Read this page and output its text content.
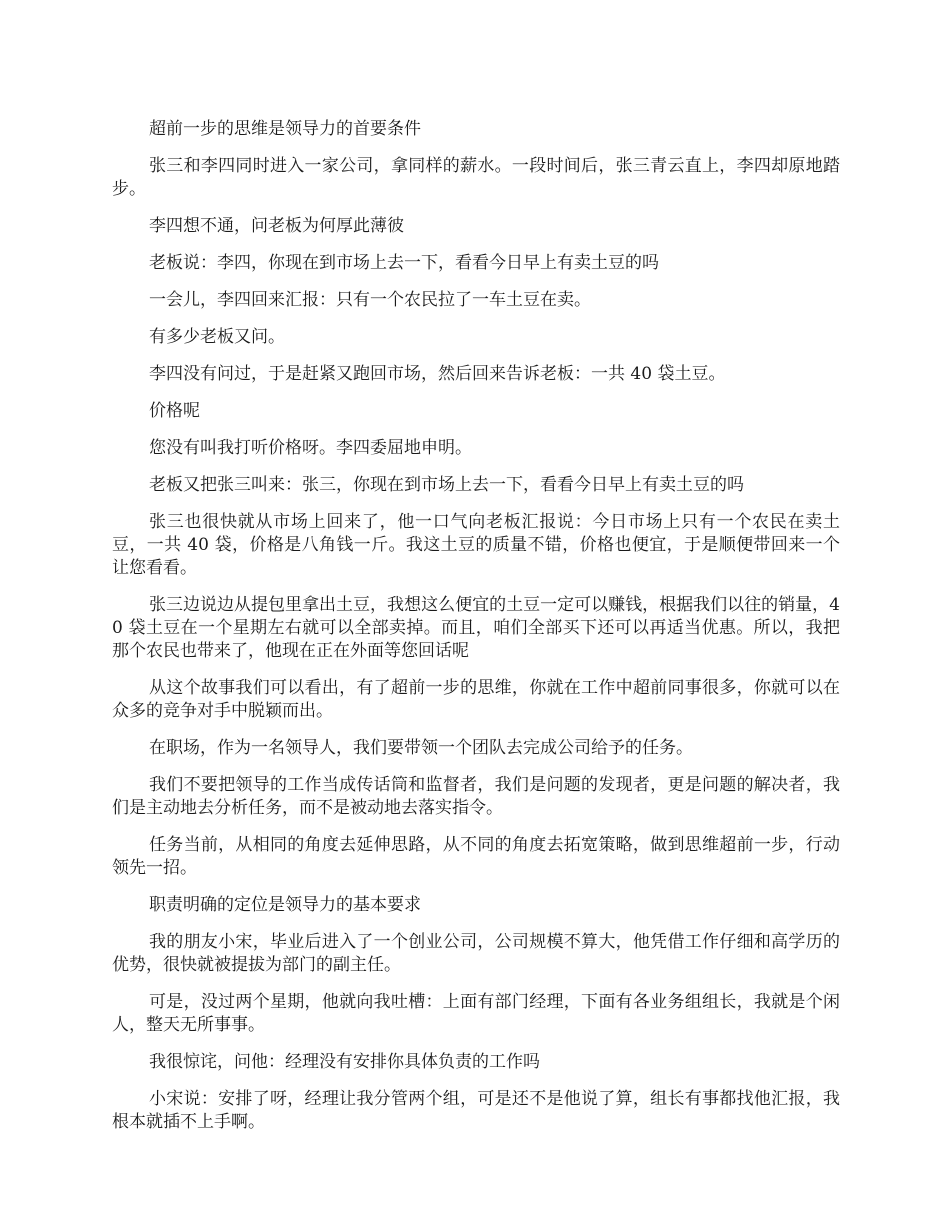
超前一步的思维是领导力的首要条件

张三和李四同时进入一家公司，拿同样的薪水。一段时间后，张三青云直上，李四却原地踏步。

李四想不通，问老板为何厚此薄彼

老板说：李四，你现在到市场上去一下，看看今日早上有卖土豆的吗

一会儿，李四回来汇报：只有一个农民拉了一车土豆在卖。

有多少老板又问。

李四没有问过，于是赶紧又跑回市场，然后回来告诉老板：一共 40 袋土豆。

价格呢

您没有叫我打听价格呀。李四委屈地申明。

老板又把张三叫来：张三，你现在到市场上去一下，看看今日早上有卖土豆的吗

张三也很快就从市场上回来了，他一口气向老板汇报说：今日市场上只有一个农民在卖土豆，一共 40 袋，价格是八角钱一斤。我这土豆的质量不错，价格也便宜，于是顺便带回来一个让您看看。

张三边说边从提包里拿出土豆，我想这么便宜的土豆一定可以赚钱，根据我们以往的销量，40 袋土豆在一个星期左右就可以全部卖掉。而且，咱们全部买下还可以再适当优惠。所以，我把那个农民也带来了，他现在正在外面等您回话呢

从这个故事我们可以看出，有了超前一步的思维，你就在工作中超前同事很多，你就可以在众多的竞争对手中脱颖而出。

在职场，作为一名领导人，我们要带领一个团队去完成公司给予的任务。

我们不要把领导的工作当成传话筒和监督者，我们是问题的发现者，更是问题的解决者，我们是主动地去分析任务，而不是被动地去落实指令。

任务当前，从相同的角度去延伸思路，从不同的角度去拓宽策略，做到思维超前一步，行动领先一招。

职责明确的定位是领导力的基本要求

我的朋友小宋，毕业后进入了一个创业公司，公司规模不算大，他凭借工作仔细和高学历的优势，很快就被提拔为部门的副主任。

可是，没过两个星期，他就向我吐槽：上面有部门经理，下面有各业务组组长，我就是个闲人，整天无所事事。

我很惊诧，问他：经理没有安排你具体负责的工作吗

小宋说：安排了呀，经理让我分管两个组，可是还不是他说了算，组长有事都找他汇报，我根本就插不上手啊。
